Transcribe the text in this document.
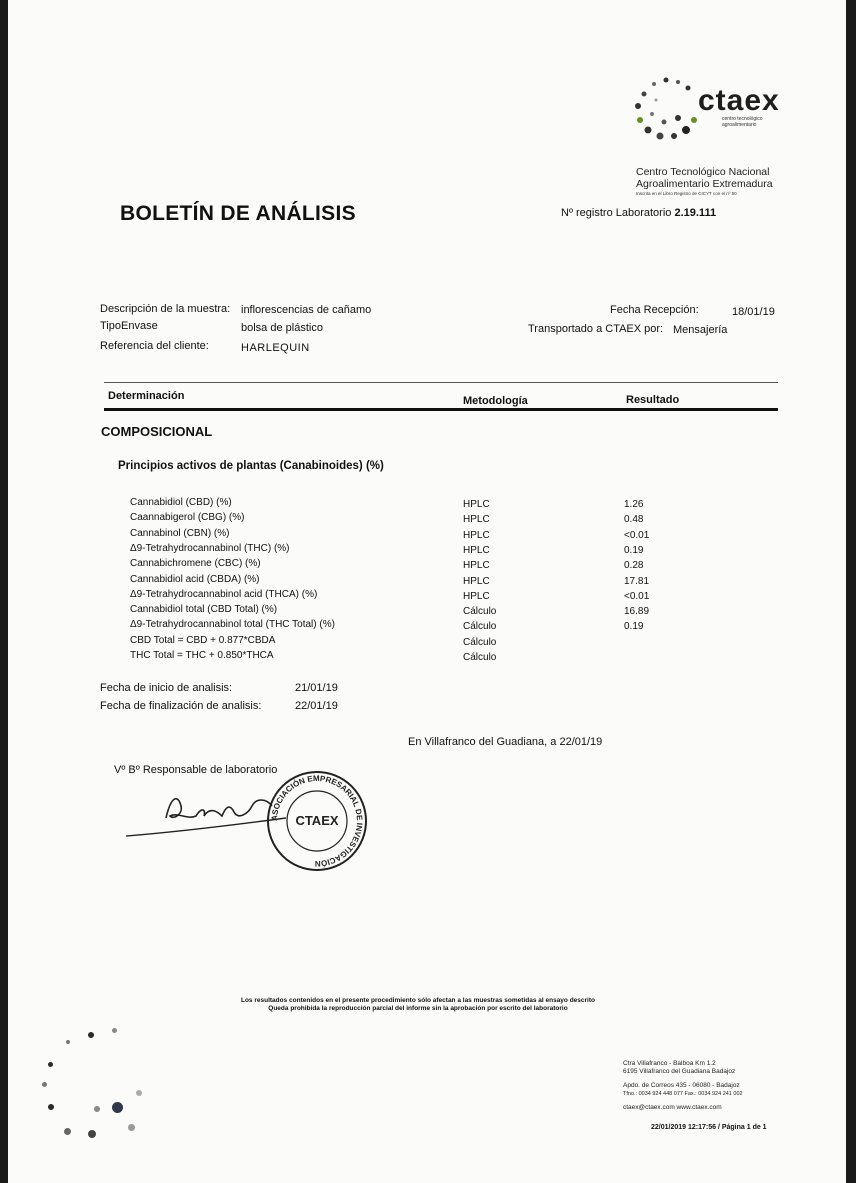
ctaex
centro tecnológico
agroalimentario
Centro Tecnológico Nacional
Agroalimentario Extremadura
Inscrita en el Libro Registro de CICYT con el nº 50
BOLETÍN DE ANÁLISIS	Nº registro Laboratorio 2.19.111
Descripción de la muestra: inflorescencias de cañamo
TipoEnvase	bolsa de plástico
Referencia del cliente:	HARLEQUIN
Fecha Recepción:	18/01/19
Transportado a CTAEX por: Mensajería
Determinación	Metodología	Resultado
COMPOSICIONAL
Principios activos de plantas (Canabinoides) (%)
Cannabidiol (CBD) (%)	HPLC	1.26
Caannabigerol (CBG) (%)	HPLC	0.48
Cannabinol (CBN) (%)	HPLC	<0.01
Δ9-Tetrahydrocannabinol (THC) (%)	HPLC	0.19
Cannabichromene (CBC) (%)	HPLC	0.28
Cannabidiol acid (CBDA) (%)	HPLC	17.81
Δ9-Tetrahydrocannabinol acid (THCA) (%)	HPLC	<0.01
Cannabidiol total (CBD Total) (%)	Cálculo	16.89
Δ9-Tetrahydrocannabinol total (THC Total) (%)	Cálculo	0.19
CBD Total = CBD + 0.877*CBDA	Cálculo
THC Total = THC + 0.850*THCA	Cálculo
Fecha de inicio de analisis:	21/01/19
Fecha de finalización de analisis:	22/01/19
En Villafranco del Guadiana, a 22/01/19
Vº Bº Responsable de laboratorio
ASOCIACIÓN EMPRESARIAL DE INVESTIGACIÓN
CTAEX
Los resultados contenidos en el presente procedimiento sólo afectan a las muestras sometidas al ensayo descrito
Queda prohibida la reproducción parcial del informe sin la aprobación por escrito del laboratorio
Ctra Villafranco - Balboa Km 1.2
6195 Villafranco del Guadiana Badajoz
Apdo. de Correos 435 - 06080 - Badajoz
Tfno.: 0034 924 448 077 Fax.: 0034 924 241 002
ctaex@ctaex.com www.ctaex.com
22/01/2019 12:17:56 / Página 1 de 1
